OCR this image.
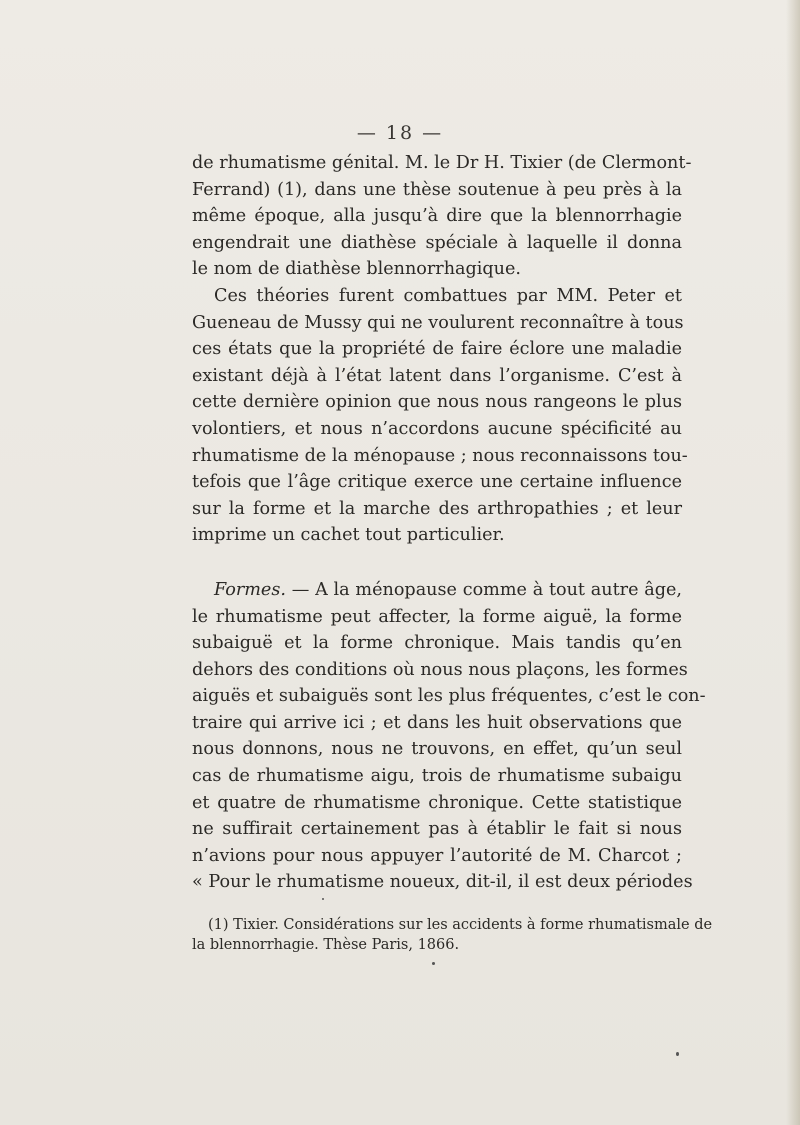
— 18 —
de rhumatisme génital. M. le Dr H. Tixier (de Clermont-
Ferrand) (1), dans une thèse soutenue à peu près à la
même époque, alla jusqu’à dire que la blennorrhagie
engendrait une diathèse spéciale à laquelle il donna
le nom de diathèse blennorrhagique.
Ces théories furent combattues par MM. Peter et
Gueneau de Mussy qui ne voulurent reconnaître à tous
ces états que la propriété de faire éclore une maladie
existant déjà à l’état latent dans l’organisme. C’est à
cette dernière opinion que nous nous rangeons le plus
volontiers, et nous n’accordons aucune spécificité au
rhumatisme de la ménopause ; nous reconnaissons tou-
tefois que l’âge critique exerce une certaine influence
sur la forme et la marche des arthropathies ; et leur
imprime un cachet tout particulier.
Formes. — A la ménopause comme à tout autre âge,
le rhumatisme peut affecter, la forme aiguë, la forme
subaiguë et la forme chronique. Mais tandis qu’en
dehors des conditions où nous nous plaçons, les formes
aiguës et subaiguës sont les plus fréquentes, c’est le con-
traire qui arrive ici ; et dans les huit observations que
nous donnons, nous ne trouvons, en effet, qu’un seul
cas de rhumatisme aigu, trois de rhumatisme subaigu
et quatre de rhumatisme chronique. Cette statistique
ne suffirait certainement pas à établir le fait si nous
n’avions pour nous appuyer l’autorité de M. Charcot ;
« Pour le rhumatisme noueux, dit-il, il est deux périodes
(1) Tixier. Considérations sur les accidents à forme rhumatismale de
la blennorrhagie. Thèse Paris, 1866.
